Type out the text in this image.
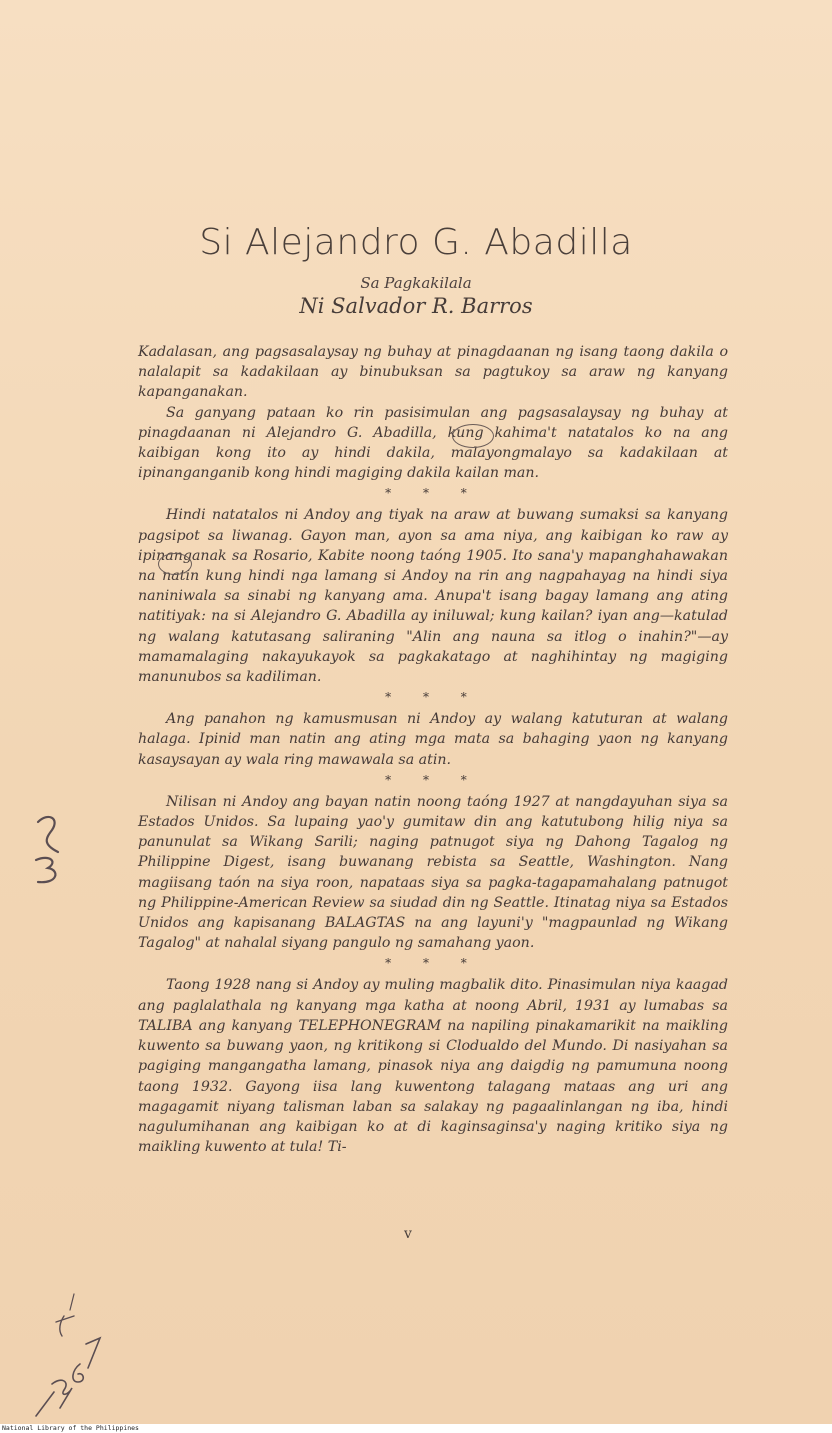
Si Alejandro G. Abadilla
Sa Pagkakilala
Ni Salvador R. Barros

Kadalasan, ang pagsasalaysay ng buhay at pinagdaanan ng isang taong dakila o nalalapit sa kadakilaan ay binubuksan sa pagtukoy sa araw ng kanyang kapanganakan.

Sa ganyang pataan ko rin pasisimulan ang pagsasalaysay ng buhay at pinagdaanan ni Alejandro G. Abadilla, kung kahima't natatalos ko na ang kaibigan kong ito ay hindi dakila, malayongmalayo sa kadakilaan at ipinanganganib kong hindi magiging dakila kailan man.

* * *

Hindi natatalos ni Andoy ang tiyak na araw at buwang sumaksi sa kanyang pagsipot sa liwanag. Gayon man, ayon sa ama niya, ang kaibigan ko raw ay ipinanganak sa Rosario, Kabite noong taóng 1905. Ito sana'y mapanghahawakan na natin kung hindi nga lamang si Andoy na rin ang nagpahayag na hindi siya naniniwala sa sinabi ng kanyang ama. Anupa't isang bagay lamang ang ating natitiyak: na si Alejandro G. Abadilla ay iniluwal; kung kailan? iyan ang—katulad ng walang katutasang saliraning "Alin ang nauna sa itlog o inahin?"—ay mamamalaging nakayukayok sa pagkakatago at naghihintay ng magiging manunubos sa kadiliman.

* * *

Ang panahon ng kamusmusan ni Andoy ay walang katuturan at walang halaga. Ipinid man natin ang ating mga mata sa bahaging yaon ng kanyang kasaysayan ay wala ring mawawala sa atin.

* * *

Nilisan ni Andoy ang bayan natin noong taóng 1927 at nangdayuhan siya sa Estados Unidos. Sa lupaing yao'y gumitaw din ang katutubong hilig niya sa panunulat sa Wikang Sarili; naging patnugot siya ng Dahong Tagalog ng Philippine Digest, isang buwanang rebista sa Seattle, Washington. Nang magiisang taón na siya roon, napataas siya sa pagka-tagapamahalang patnugot ng Philippine-American Review sa siudad din ng Seattle. Itinatag niya sa Estados Unidos ang kapisanang BALAGTAS na ang layuni'y "magpaunlad ng Wikang Tagalog" at nahalal siyang pangulo ng samahang yaon.

* * *

Taong 1928 nang si Andoy ay muling magbalik dito. Pinasimulan niya kaagad ang paglalathala ng kanyang mga katha at noong Abril, 1931 ay lumabas sa TALIBA ang kanyang TELEPHONEGRAM na napiling pinakamarikit na maikling kuwento sa buwang yaon, ng kritikong si Clodualdo del Mundo. Di nasiyahan sa pagiging mangangatha lamang, pinasok niya ang daigdig ng pamumuna noong taong 1932. Gayong iisa lang kuwentong talagang mataas ang uri ang magagamit niyang talisman laban sa salakay ng pagaalinlangan ng iba, hindi nagulumihanan ang kaibigan ko at di kaginsaginsa'y naging kritiko siya ng maikling kuwento at tula! Ti-

v
National Library of the Philippines
